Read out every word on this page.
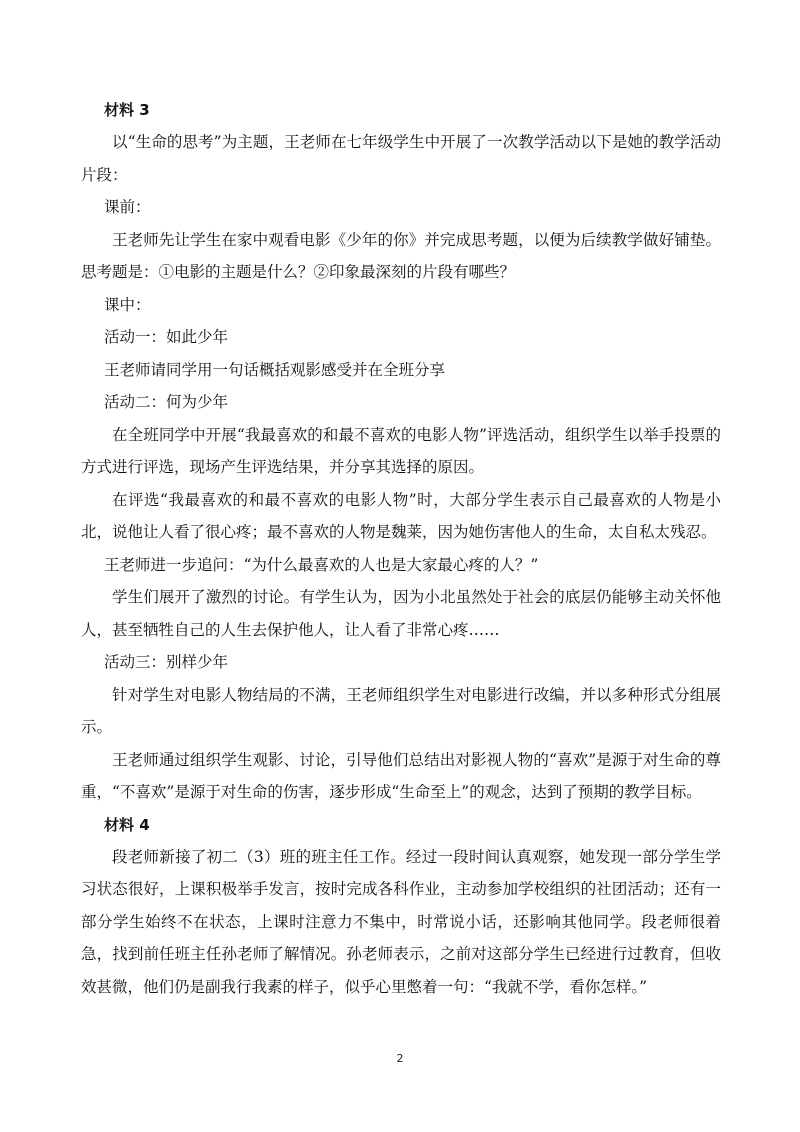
材料 3

以“生命的思考”为主题，王老师在七年级学生中开展了一次教学活动以下是她的教学活动片段：

课前：

王老师先让学生在家中观看电影《少年的你》并完成思考题，以便为后续教学做好铺垫。思考题是：①电影的主题是什么？②印象最深刻的片段有哪些？

课中：
活动一：如此少年
王老师请同学用一句话概括观影感受并在全班分享
活动二：何为少年

在全班同学中开展“我最喜欢的和最不喜欢的电影人物”评选活动，组织学生以举手投票的方式进行评选，现场产生评选结果，并分享其选择的原因。

在评选“我最喜欢的和最不喜欢的电影人物”时，大部分学生表示自己最喜欢的人物是小北，说他让人看了很心疼；最不喜欢的人物是魏莱，因为她伤害他人的生命，太自私太残忍。

王老师进一步追问：“为什么最喜欢的人也是大家最心疼的人？”

学生们展开了激烈的讨论。有学生认为，因为小北虽然处于社会的底层仍能够主动关怀他人，甚至牺牲自己的人生去保护他人，让人看了非常心疼……

活动三：别样少年

针对学生对电影人物结局的不满，王老师组织学生对电影进行改编，并以多种形式分组展示。

王老师通过组织学生观影、讨论，引导他们总结出对影视人物的“喜欢”是源于对生命的尊重，“不喜欢”是源于对生命的伤害，逐步形成“生命至上”的观念，达到了预期的教学目标。

材料 4

段老师新接了初二（3）班的班主任工作。经过一段时间认真观察，她发现一部分学生学习状态很好，上课积极举手发言，按时完成各科作业，主动参加学校组织的社团活动；还有一部分学生始终不在状态，上课时注意力不集中，时常说小话，还影响其他同学。段老师很着急，找到前任班主任孙老师了解情况。孙老师表示，之前对这部分学生已经进行过教育，但收效甚微，他们仍是副我行我素的样子，似乎心里憋着一句：“我就不学，看你怎样。”

2
